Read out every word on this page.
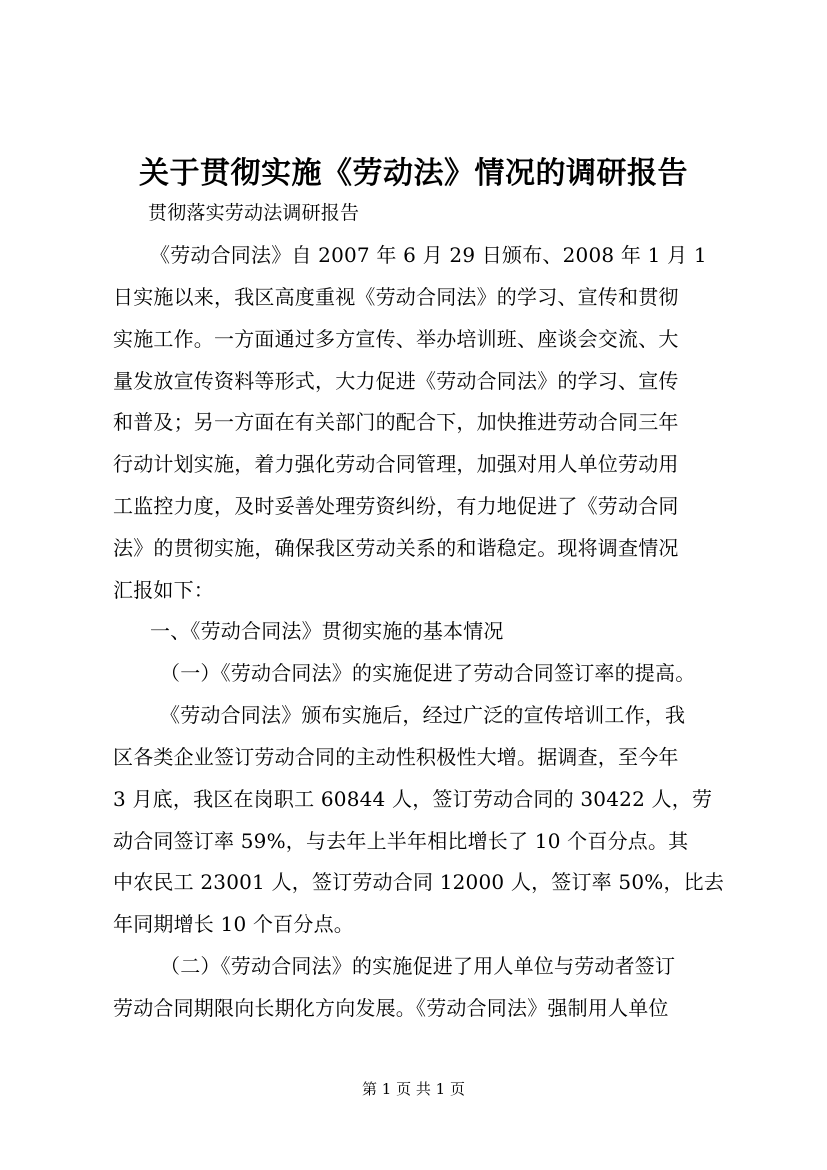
关于贯彻实施《劳动法》情况的调研报告
贯彻落实劳动法调研报告
《劳动合同法》自 2007 年 6 月 29 日颁布、2008 年 1 月 1
日实施以来，我区高度重视《劳动合同法》的学习、宣传和贯彻
实施工作。一方面通过多方宣传、举办培训班、座谈会交流、大
量发放宣传资料等形式，大力促进《劳动合同法》的学习、宣传
和普及；另一方面在有关部门的配合下，加快推进劳动合同三年
行动计划实施，着力强化劳动合同管理，加强对用人单位劳动用
工监控力度，及时妥善处理劳资纠纷，有力地促进了《劳动合同
法》的贯彻实施，确保我区劳动关系的和谐稳定。现将调查情况
汇报如下：
一、《劳动合同法》贯彻实施的基本情况
（一）《劳动合同法》的实施促进了劳动合同签订率的提高。
《劳动合同法》颁布实施后，经过广泛的宣传培训工作，我
区各类企业签订劳动合同的主动性积极性大增。据调查，至今年
3 月底，我区在岗职工 60844 人，签订劳动合同的 30422 人，劳
动合同签订率 59%，与去年上半年相比增长了 10 个百分点。其
中农民工 23001 人，签订劳动合同 12000 人，签订率 50%，比去
年同期增长 10 个百分点。
（二）《劳动合同法》的实施促进了用人单位与劳动者签订
劳动合同期限向长期化方向发展。《劳动合同法》强制用人单位
第 1 页 共 1 页
